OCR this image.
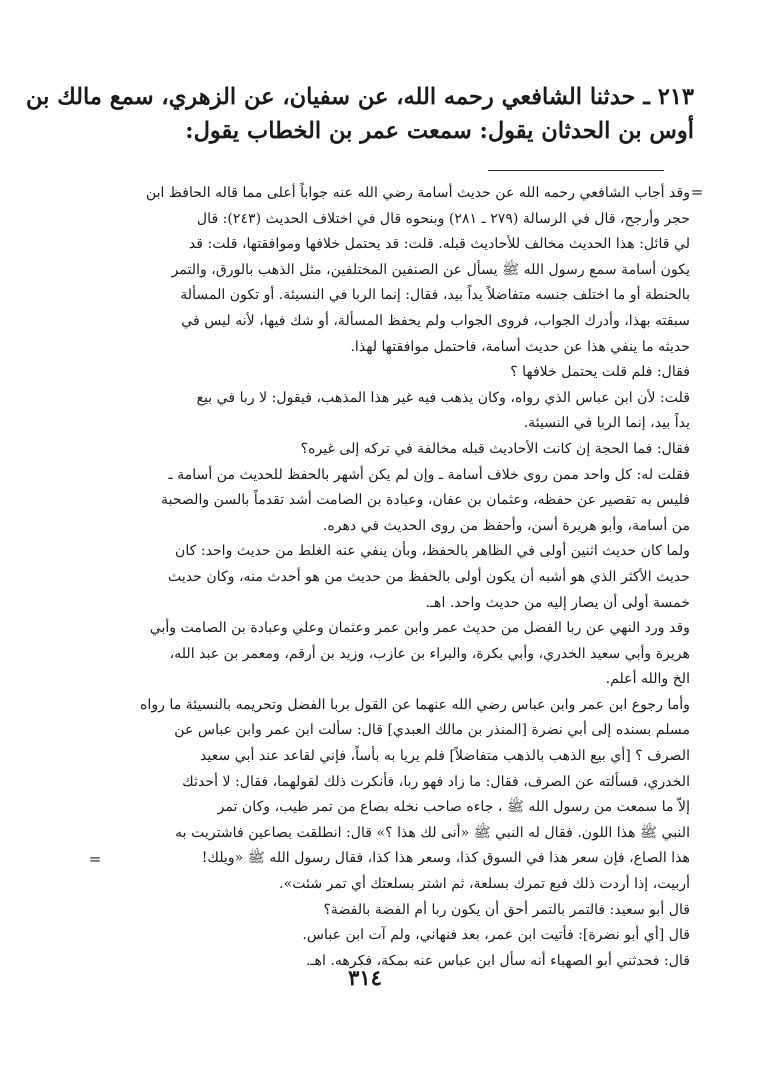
٢١٣ ـ حدثنا الشافعي رحمه الله، عن سفيان، عن الزهري، سمع مالك بن
أوس بن الحدثان يقول: سمعت عمر بن الخطاب يقول:
=
وقد أجاب الشافعي رحمه الله عن حديث أسامة رضي الله عنه جواباً أعلى مما قاله الحافظ ابن
حجر وأرجح، قال في الرسالة (٢٧٩ ـ ٢٨١) وبنحوه قال في اختلاف الحديث (٢٤٣): قال
لي قائل: هذا الحديث مخالف للأحاديث قبله. قلت: قد يحتمل خلافها وموافقتها، قلت: قد
يكون أسامة سمع رسول الله ﷺ يسأل عن الصنفين المختلفين، مثل الذهب بالورق، والتمر
بالحنطة أو ما اختلف جنسه متفاضلاً يداً بيد، فقال: إنما الربا في النسيئة. أو تكون المسألة
سبقته بهذا، وأدرك الجواب، فروى الجواب ولم يحفظ المسألة، أو شك فيها، لأنه ليس في
حديثه ما ينفي هذا عن حديث أسامة، فاحتمل موافقتها لهذا.
فقال: فلم قلت يحتمل خلافها ؟
قلت: لأن ابن عباس الذي رواه، وكان يذهب فيه غير هذا المذهب، فيقول: لا ربا في بيع
يداً بيد، إنما الربا في النسيئة.
فقال: فما الحجة إن كانت الأحاديث قبله مخالفة في تركه إلى غيره؟
فقلت له: كل واحد ممن روى خلاف أسامة ـ وإن لم يكن أشهر بالحفظ للحديث من أسامة ـ
فليس به تقصير عن حفظه، وعثمان بن عفان، وعبادة بن الصامت أشد تقدماً بالسن والصحبة
من أسامة، وأبو هريرة أسن، وأحفظ من روى الحديث في دهره.
ولما كان حديث اثنين أولى في الظاهر بالحفظ، وبأن ينفي عنه الغلط من حديث واحد: كان
حديث الأكثر الذي هو أشبه أن يكون أولى بالحفظ من حديث من هو أحدث منه، وكان حديث
خمسة أولى أن يصار إليه من حديث واحد. اهـ.
وقد ورد النهي عن ربا الفضل من حديث عمر وابن عمر وعثمان وعلي وعبادة بن الصامت وأبي
هريرة وأبي سعيد الخدري، وأبي بكرة، والبراء بن عازب، وزيد بن أرقم، ومعمر بن عبد الله،
الخ والله أعلم.
وأما رجوع ابن عمر وابن عباس رضي الله عنهما عن القول بربا الفضل وتحريمه بالنسيئة ما رواه
مسلم بسنده إلى أبي نضرة [المنذر بن مالك العبدي] قال: سألت ابن عمر وابن عباس عن
الصرف ؟ [أي بيع الذهب بالذهب متفاضلاً] فلم يريا به بأساً، فإني لقاعد عند أبي سعيد
الخدري، فسألته عن الصرف، فقال: ما زاد فهو ربا، فأنكرت ذلك لقولهما، فقال: لا أحدثك
إلاّ ما سمعت من رسول الله ﷺ ، جاءه صاحب نخله بصاع من تمر طيب، وكان تمر
النبي ﷺ هذا اللون. فقال له النبي ﷺ «أنى لك هذا ؟» قال: انطلقت بصاعين فاشتريت به
هذا الصاع، فإن سعر هذا في السوق كذا، وسعر هذا كذا، فقال رسول الله ﷺ «ويلك!
أربيت، إذا أردت ذلك فبع تمرك بسلعة، ثم اشتر بسلعتك أي تمر شئت».
قال أبو سعيد: فالتمر بالتمر أحق أن يكون ربا أم الفضة بالفضة؟
قال [أي أبو نضرة]: فأتيت ابن عمر، بعد فنهاني، ولم آت ابن عباس.
قال: فحدثني أبو الصهباء أنه سأل ابن عباس عنه بمكة، فكرهه. اهـ.
=
٣١٤
